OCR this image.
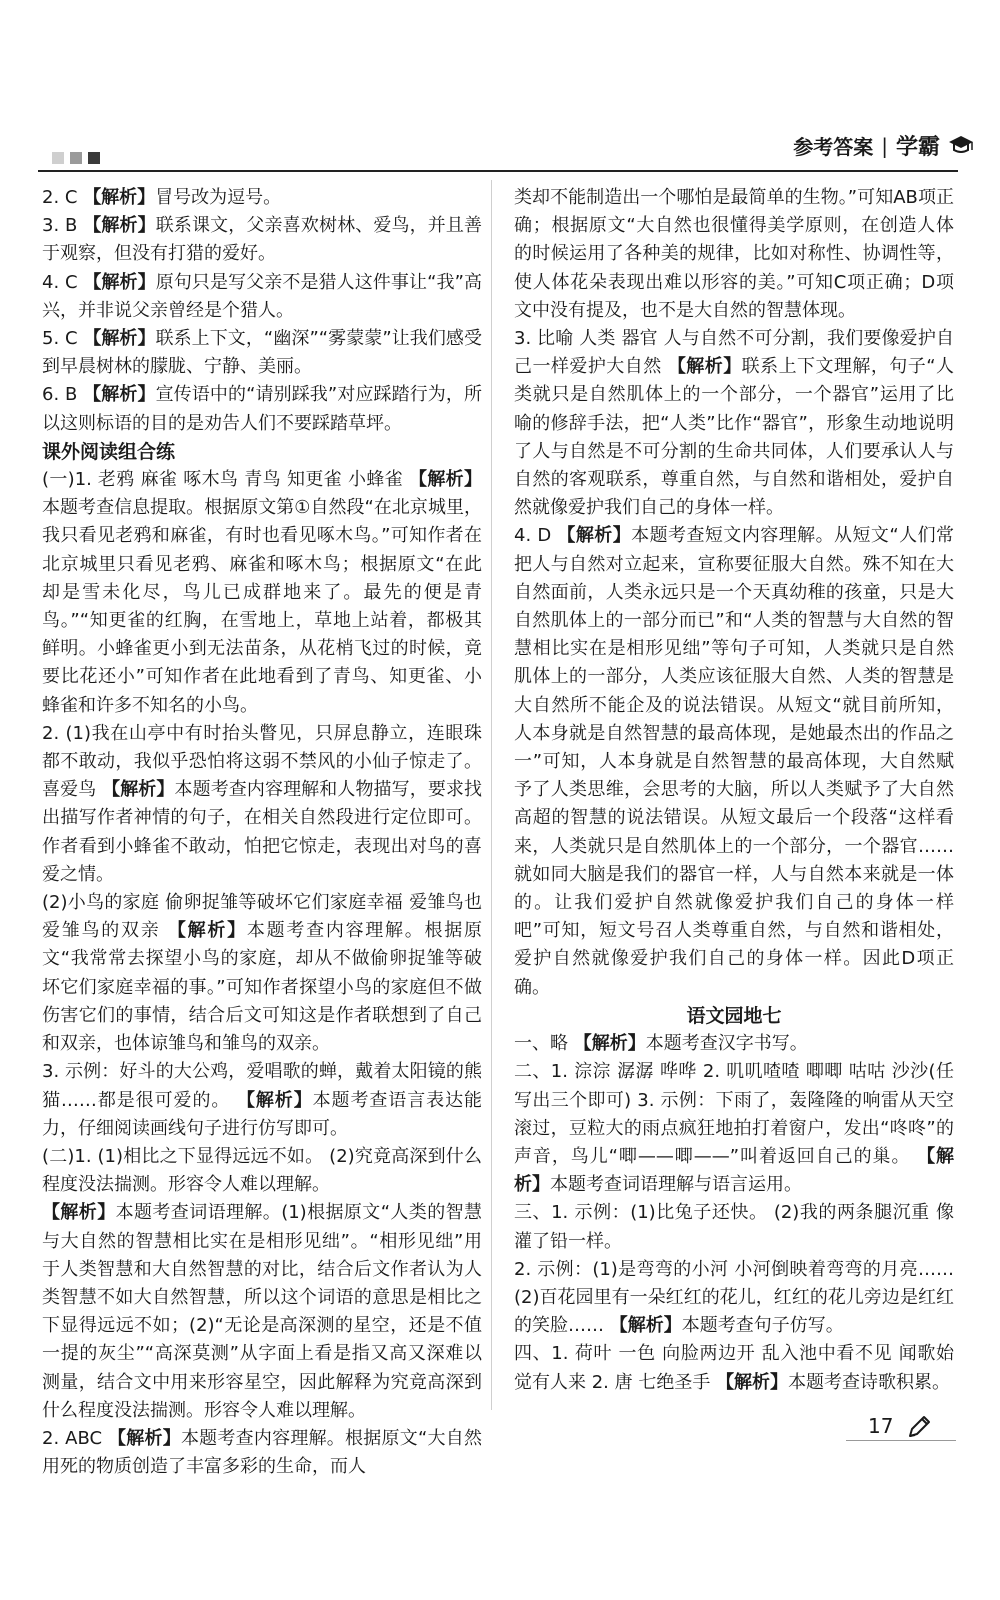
参考答案 | 学霸

2. C 【解析】冒号改为逗号。

3. B 【解析】联系课文，父亲喜欢树林、爱鸟，并且善于观察，但没有打猎的爱好。

4. C 【解析】原句只是写父亲不是猎人这件事让“我”高兴，并非说父亲曾经是个猎人。

5. C 【解析】联系上下文，“幽深”“雾蒙蒙”让我们感受到早晨树林的朦胧、宁静、美丽。

6. B 【解析】宣传语中的“请别踩我”对应踩踏行为，所以这则标语的目的是劝告人们不要踩踏草坪。

课外阅读组合练

(一)1. 老鸦 麻雀 啄木鸟 青鸟 知更雀 小蜂雀 【解析】本题考查信息提取。根据原文第①自然段“在北京城里，我只看见老鸦和麻雀，有时也看见啄木鸟。”可知作者在北京城里只看见老鸦、麻雀和啄木鸟；根据原文“在此却是雪未化尽，鸟儿已成群地来了。最先的便是青鸟。”“知更雀的红胸，在雪地上，草地上站着，都极其鲜明。小蜂雀更小到无法苗条，从花梢飞过的时候，竟要比花还小”可知作者在此地看到了青鸟、知更雀、小蜂雀和许多不知名的小鸟。

2. (1)我在山亭中有时抬头瞥见，只屏息静立，连眼珠都不敢动，我似乎恐怕将这弱不禁风的小仙子惊走了。 喜爱鸟 【解析】本题考查内容理解和人物描写，要求找出描写作者神情的句子，在相关自然段进行定位即可。作者看到小蜂雀不敢动，怕把它惊走，表现出对鸟的喜爱之情。

(2)小鸟的家庭 偷卵捉雏等破坏它们家庭幸福 爱雏鸟也爱雏鸟的双亲 【解析】本题考查内容理解。根据原文“我常常去探望小鸟的家庭，却从不做偷卵捉雏等破坏它们家庭幸福的事。”可知作者探望小鸟的家庭但不做伤害它们的事情，结合后文可知这是作者联想到了自己和双亲，也体谅雏鸟和雏鸟的双亲。

3. 示例：好斗的大公鸡，爱唱歌的蝉，戴着太阳镜的熊猫……都是很可爱的。 【解析】本题考查语言表达能力，仔细阅读画线句子进行仿写即可。

(二)1. (1)相比之下显得远远不如。 (2)究竟高深到什么程度没法揣测。形容令人难以理解。

【解析】本题考查词语理解。(1)根据原文“人类的智慧与大自然的智慧相比实在是相形见绌”。“相形见绌”用于人类智慧和大自然智慧的对比，结合后文作者认为人类智慧不如大自然智慧，所以这个词语的意思是相比之下显得远远不如；(2)“无论是高深测的星空，还是不值一提的灰尘”“高深莫测”从字面上看是指又高又深难以测量，结合文中用来形容星空，因此解释为究竟高深到什么程度没法揣测。形容令人难以理解。

2. ABC 【解析】本题考查内容理解。根据原文“大自然用死的物质创造了丰富多彩的生命，而人

类却不能制造出一个哪怕是最简单的生物。”可知AB项正确；根据原文“大自然也很懂得美学原则，在创造人体的时候运用了各种美的规律，比如对称性、协调性等，使人体花朵表现出难以形容的美。”可知C项正确；D项文中没有提及，也不是大自然的智慧体现。

3. 比喻 人类 器官 人与自然不可分割，我们要像爱护自己一样爱护大自然 【解析】联系上下文理解，句子“人类就只是自然肌体上的一个部分，一个器官”运用了比喻的修辞手法，把“人类”比作“器官”，形象生动地说明了人与自然是不可分割的生命共同体，人们要承认人与自然的客观联系，尊重自然，与自然和谐相处，爱护自然就像爱护我们自己的身体一样。

4. D 【解析】本题考查短文内容理解。从短文“人们常把人与自然对立起来，宣称要征服大自然。殊不知在大自然面前，人类永远只是一个天真幼稚的孩童，只是大自然肌体上的一部分而已”和“人类的智慧与大自然的智慧相比实在是相形见绌”等句子可知，人类就只是自然肌体上的一部分，人类应该征服大自然、人类的智慧是大自然所不能企及的说法错误。从短文“就目前所知，人本身就是自然智慧的最高体现，是她最杰出的作品之一”可知，人本身就是自然智慧的最高体现，大自然赋予了人类思维，会思考的大脑，所以人类赋予了大自然高超的智慧的说法错误。从短文最后一个段落“这样看来，人类就只是自然肌体上的一个部分，一个器官……就如同大脑是我们的器官一样，人与自然本来就是一体的。让我们爱护自然就像爱护我们自己的身体一样吧”可知，短文号召人类尊重自然，与自然和谐相处，爱护自然就像爱护我们自己的身体一样。因此D项正确。

语文园地七

一、略 【解析】本题考查汉字书写。

二、1. 淙淙 潺潺 哗哗 2. 叽叽喳喳 唧唧 咕咕 沙沙(任写出三个即可) 3. 示例：下雨了，轰隆隆的响雷从天空滚过，豆粒大的雨点疯狂地拍打着窗户，发出“咚咚”的声音，鸟儿“唧——唧——”叫着返回自己的巢。 【解析】本题考查词语理解与语言运用。

三、1. 示例：(1)比兔子还快。 (2)我的两条腿沉重 像灌了铅一样。

2. 示例：(1)是弯弯的小河 小河倒映着弯弯的月亮…… (2)百花园里有一朵红红的花儿，红红的花儿旁边是红红的笑脸…… 【解析】本题考查句子仿写。

四、1. 荷叶 一色 向脸两边开 乱入池中看不见 闻歌始觉有人来 2. 唐 七绝圣手 【解析】本题考查诗歌积累。

17
